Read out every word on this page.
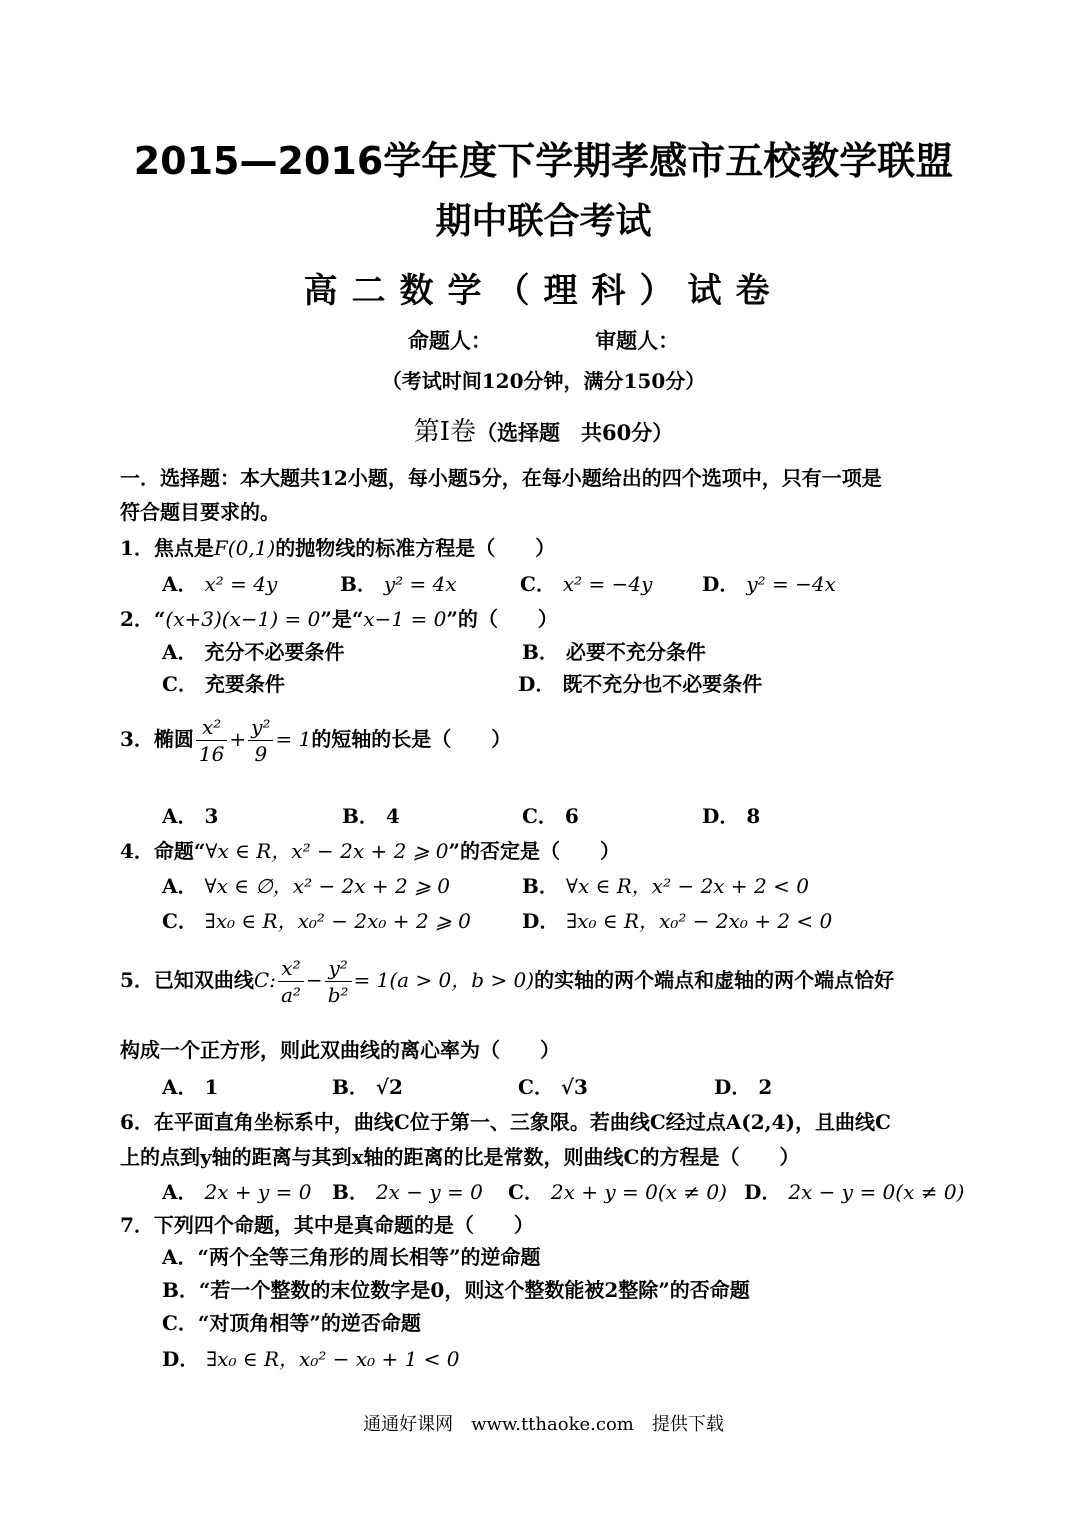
2015—2016学年度下学期孝感市五校教学联盟
期中联合考试
高二数学（理科）试卷
命题人：	审题人：
（考试时间120分钟，满分150分）
第Ⅰ卷（选择题　共60分）
一．选择题：本大题共12小题，每小题5分，在每小题给出的四个选项中，只有一项是
符合题目要求的。
1．焦点是F(0,1)的抛物线的标准方程是（　　）
A． x² = 4y	B． y² = 4x	C． x² = −4y D． y² = −4x
2．“(x+3)(x−1) = 0”是“x−1 = 0”的（　　）
A． 充分不必要条件	B． 必要不充分条件
C． 充要条件	D． 既不充分也不必要条件
3．椭圆 $\frac{\text{x²}}{16} + \frac{\text{y²}}{9} = 1$的短轴的长是（　　）
A． 3	B． 4	C． 6	D． 8
4．命题“∀x ∈ R，x² − 2x + 2 ⩾ 0”的否定是（　　）
A． ∀x ∈ ∅，x² − 2x + 2 ⩾ 0	B． ∀x ∈ R，x² − 2x + 2 < 0
C． ∃x₀ ∈ R，x₀² − 2x₀ + 2 ⩾ 0	D． ∃x₀ ∈ R，x₀² − 2x₀ + 2 < 0
5．已知双曲线C: $\frac{\text{x²}}{\text{a²}} - \frac{\text{y²}}{\text{b²}} = 1(a > 0$，b > 0)的实轴的两个端点和虚轴的两个端点恰好
构成一个正方形，则此双曲线的离心率为（　　）
A． 1	B． √2	C． √3	D． 2
6．在平面直角坐标系中，曲线C位于第一、三象限。若曲线C经过点A(2,4)，且曲线C
上的点到y轴的距离与其到x轴的距离的比是常数，则曲线C的方程是（　　）
A． 2x + y = 0 B． 2x − y = 0 C． 2x + y = 0(x ≠ 0) D． 2x − y = 0(x ≠ 0)
7．下列四个命题，其中是真命题的是（　　）
A．“两个全等三角形的周长相等”的逆命题
B．“若一个整数的末位数字是0，则这个整数能被2整除”的否命题
C．“对顶角相等”的逆否命题
D． ∃x₀ ∈ R，x₀² − x₀ + 1 < 0
通通好课网　www.tthaoke.com　提供下载
